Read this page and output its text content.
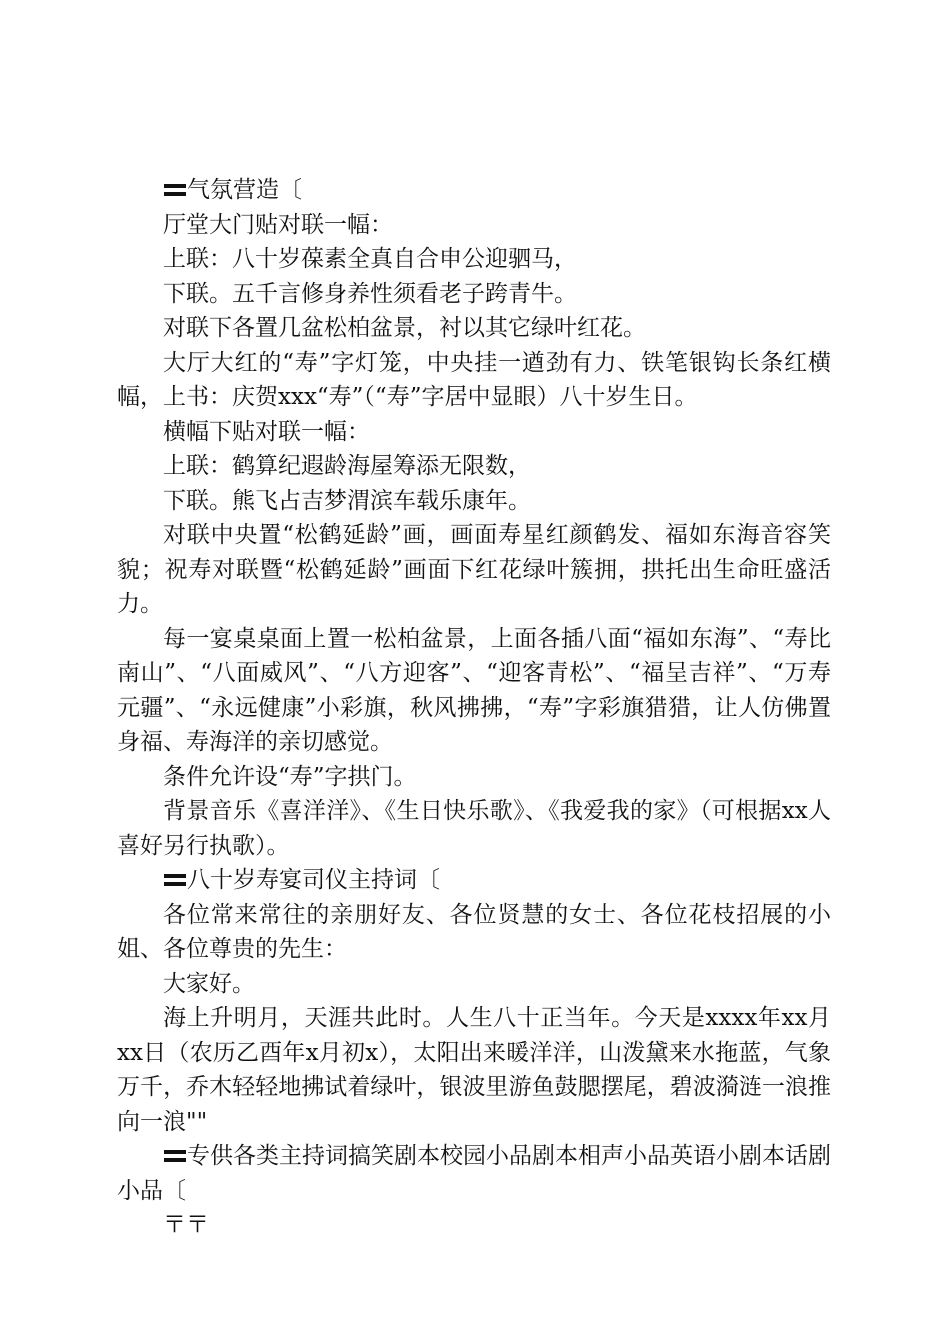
气氛营造〔

厅堂大门贴对联一幅：

上联：八十岁葆素全真自合申公迎驷马，

下联。五千言修身养性须看老子跨青牛。

对联下各置几盆松柏盆景，衬以其它绿叶红花。

大厅大红的“寿”字灯笼，中央挂一遒劲有力、铁笔银钩长条红横幅，上书：庆贺xxx“寿”（“寿”字居中显眼）八十岁生日。

横幅下贴对联一幅：

上联：鹤算纪遐龄海屋筹添无限数，

下联。熊飞占吉梦渭滨车载乐康年。

对联中央置“松鹤延龄”画，画面寿星红颜鹤发、福如东海音容笑貌；祝寿对联暨“松鹤延龄”画面下红花绿叶簇拥，拱托出生命旺盛活力。

每一宴桌桌面上置一松柏盆景，上面各插八面“福如东海”、“寿比南山”、“八面威风”、“八方迎客”、“迎客青松”、“福呈吉祥”、“万寿元疆”、“永远健康”小彩旗，秋风拂拂，“寿”字彩旗猎猎，让人仿佛置身福、寿海洋的亲切感觉。

条件允许设“寿”字拱门。

背景音乐《喜洋洋》、《生日快乐歌》、《我爱我的家》（可根据xx人喜好另行执歌）。

八十岁寿宴司仪主持词〔

各位常来常往的亲朋好友、各位贤慧的女士、各位花枝招展的小姐、各位尊贵的先生：

大家好。

海上升明月，天涯共此时。人生八十正当年。今天是xxxx年xx月xx日（农历乙酉年x月初x），太阳出来暖洋洋，山泼黛来水拖蓝，气象万千，乔木轻轻地拂试着绿叶，银波里游鱼鼓腮摆尾，碧波漪涟一浪推向一浪""

专供各类主持词搞笑剧本校园小品剧本相声小品英语小剧本话剧小品〔

〒〒
